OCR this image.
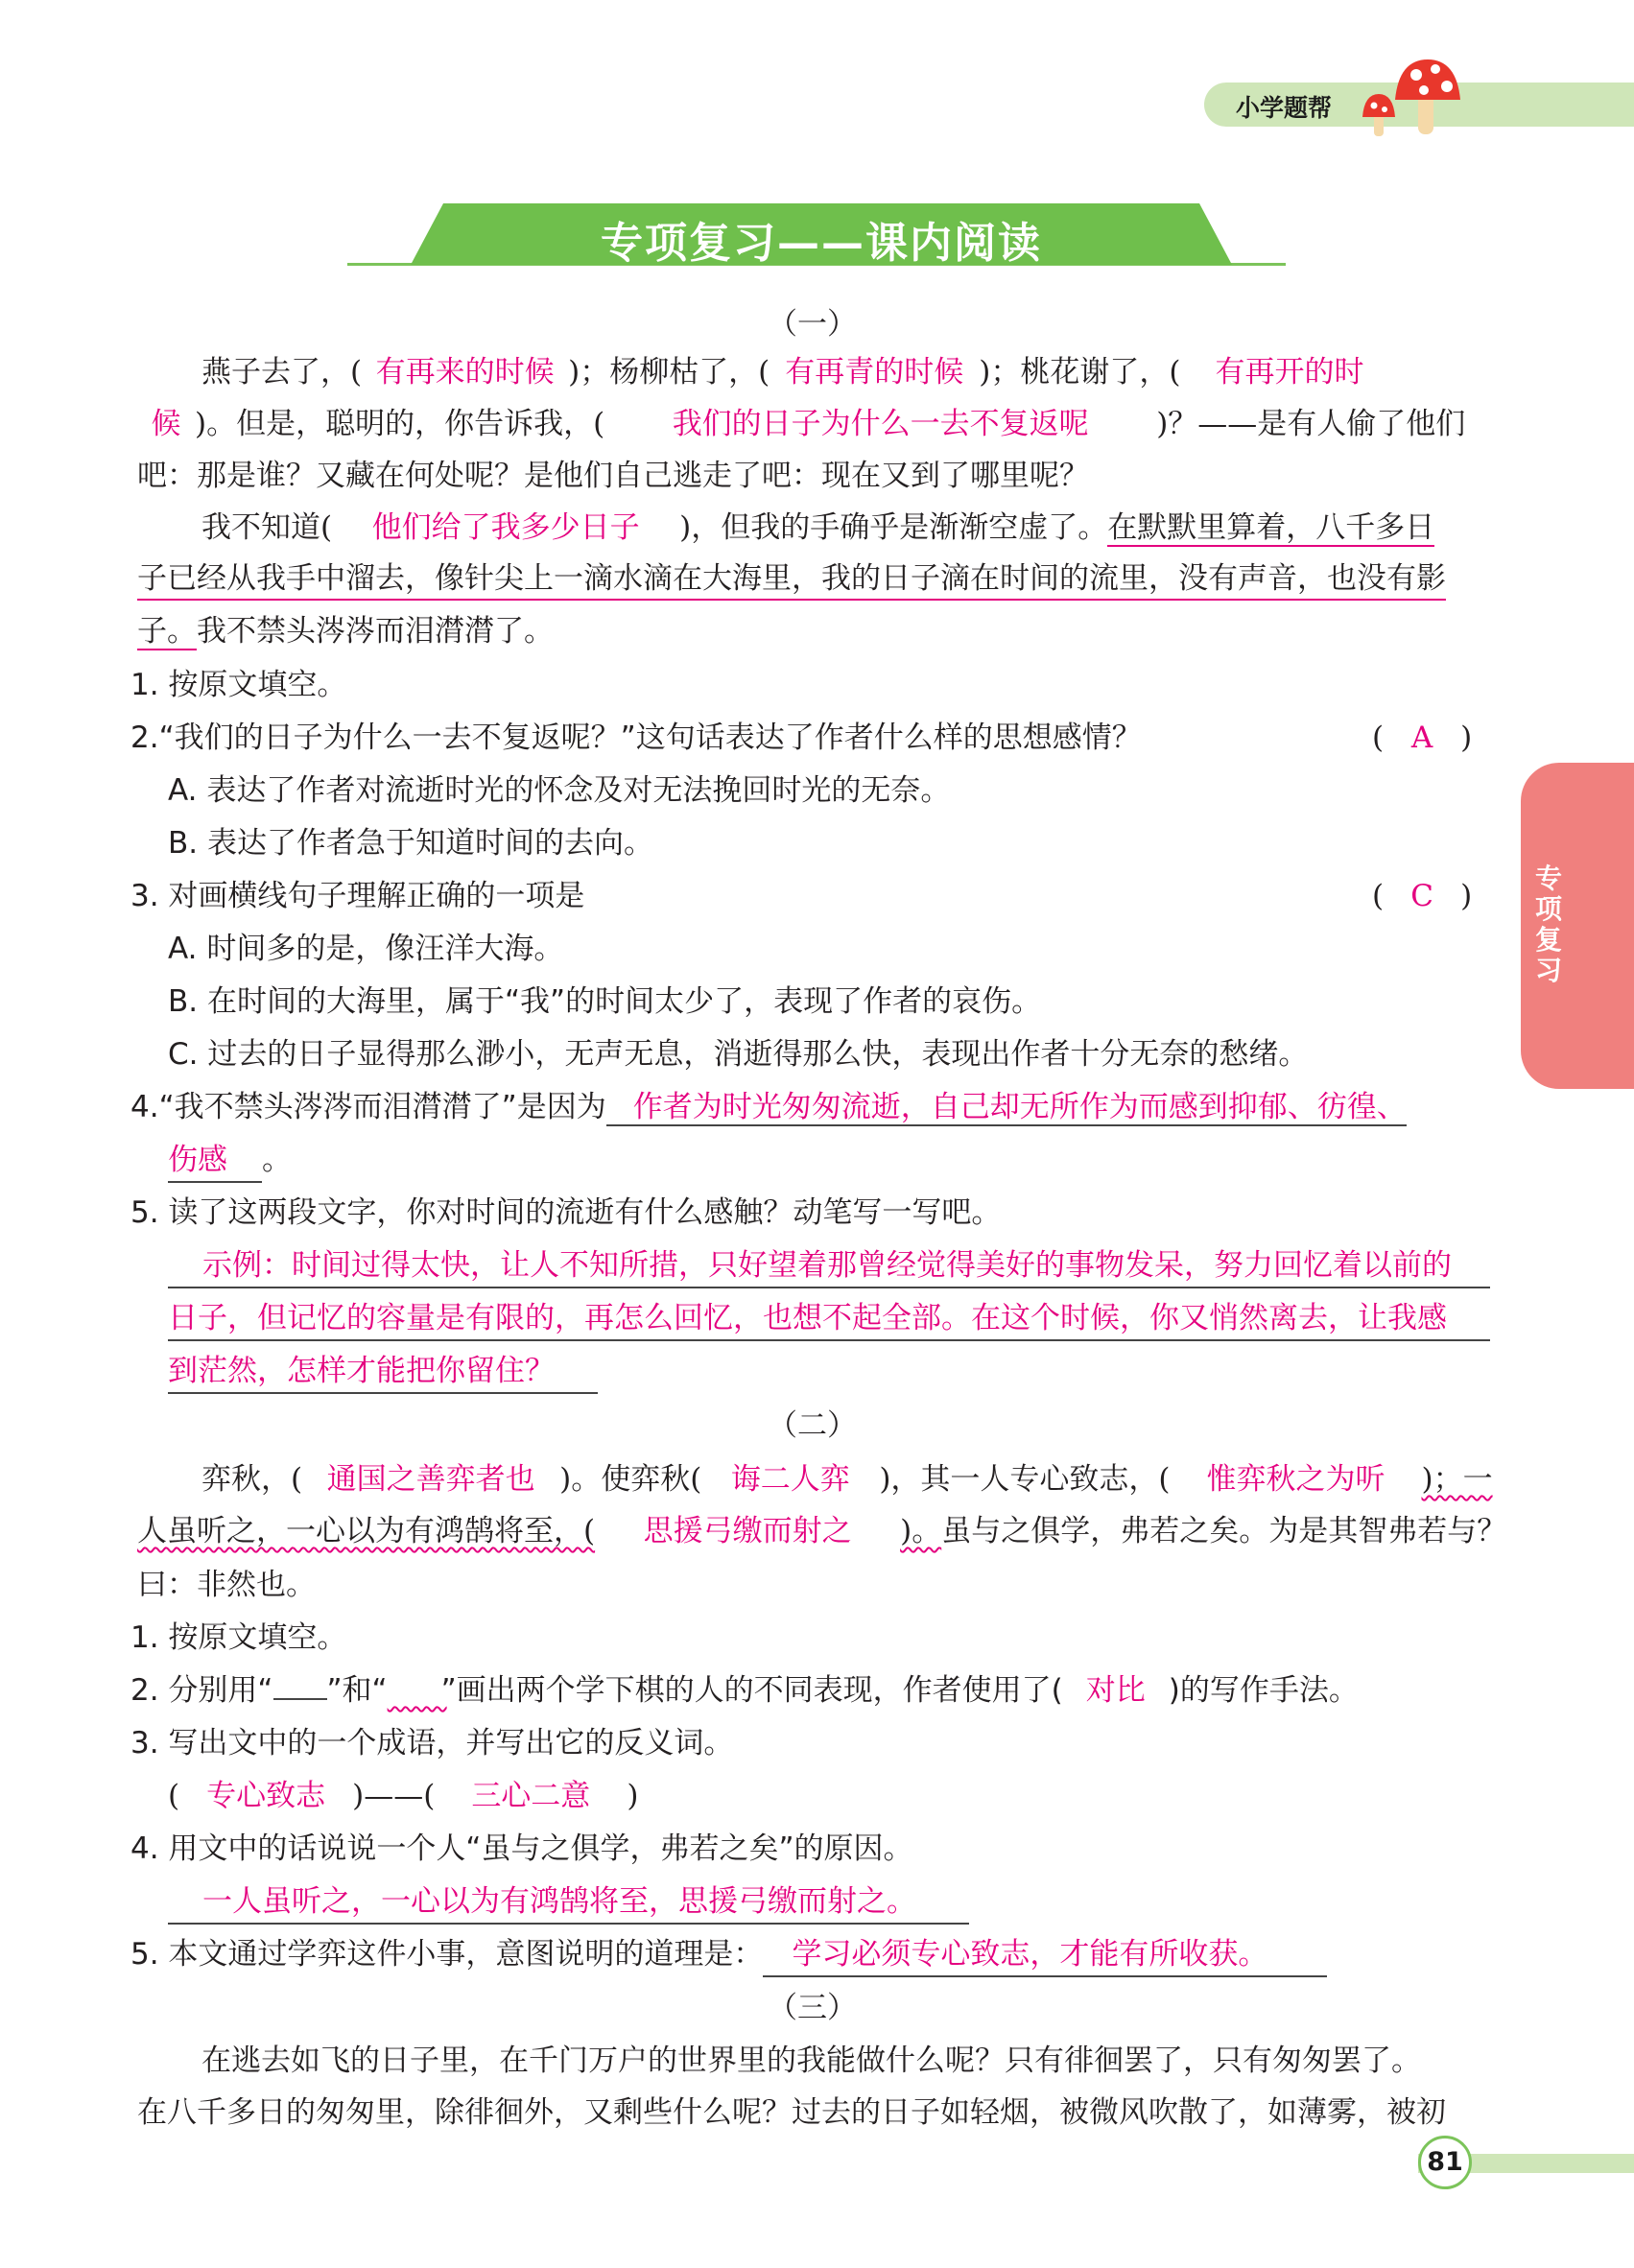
小学题帮
专项复习——课内阅读
专项复习
（一）
燕子去了，( 有再来的时候 )；杨柳枯了，( 有再青的时候 )；桃花谢了，( 有再开的时
候 )。但是，聪明的，你告诉我，( 我们的日子为什么一去不复返呢 )？——是有人偷了他们
吧：那是谁？又藏在何处呢？是他们自己逃走了吧：现在又到了哪里呢？
我不知道( 他们给了我多少日子 )，但我的手确乎是渐渐空虚了。在默默里算着，八千多日
子已经从我手中溜去，像针尖上一滴水滴在大海里，我的日子滴在时间的流里，没有声音，也没有影
子。我不禁头涔涔而泪潸潸了。
1. 按原文填空。
2.“我们的日子为什么一去不复返呢？”这句话表达了作者什么样的思想感情？	( A )
A. 表达了作者对流逝时光的怀念及对无法挽回时光的无奈。
B. 表达了作者急于知道时间的去向。
3. 对画横线句子理解正确的一项是	( C )
A. 时间多的是，像汪洋大海。
B. 在时间的大海里，属于“我”的时间太少了，表现了作者的哀伤。
C. 过去的日子显得那么渺小，无声无息，消逝得那么快，表现出作者十分无奈的愁绪。
4.“我不禁头涔涔而泪潸潸了”是因为 作者为时光匆匆流逝，自己却无所作为而感到抑郁、彷徨、
伤感 。
5. 读了这两段文字，你对时间的流逝有什么感触？动笔写一写吧。
示例：时间过得太快，让人不知所措，只好望着那曾经觉得美好的事物发呆，努力回忆着以前的
日子，但记忆的容量是有限的，再怎么回忆，也想不起全部。在这个时候，你又悄然离去，让我感
到茫然，怎样才能把你留住？
（二）
弈秋，( 通国之善弈者也 )。使弈秋( 诲二人弈 )，其一人专心致志，( 惟弈秋之为听 )；一
人虽听之，一心以为有鸿鹄将至，( 思援弓缴而射之 )。虽与之俱学，弗若之矣。为是其智弗若与？
曰：非然也。
1. 按原文填空。
2. 分别用“ ”和“   ”画出两个学下棋的人的不同表现，作者使用了( 对比 )的写作手法。
3. 写出文中的一个成语，并写出它的反义词。
( 专心致志 )——( 三心二意 )
4. 用文中的话说说一个人“虽与之俱学，弗若之矣”的原因。
一人虽听之，一心以为有鸿鹄将至，思援弓缴而射之。
5. 本文通过学弈这件小事，意图说明的道理是： 学习必须专心致志，才能有所收获。
（三）
在逃去如飞的日子里，在千门万户的世界里的我能做什么呢？只有徘徊罢了，只有匆匆罢了。
在八千多日的匆匆里，除徘徊外，又剩些什么呢？过去的日子如轻烟，被微风吹散了，如薄雾，被初
81
